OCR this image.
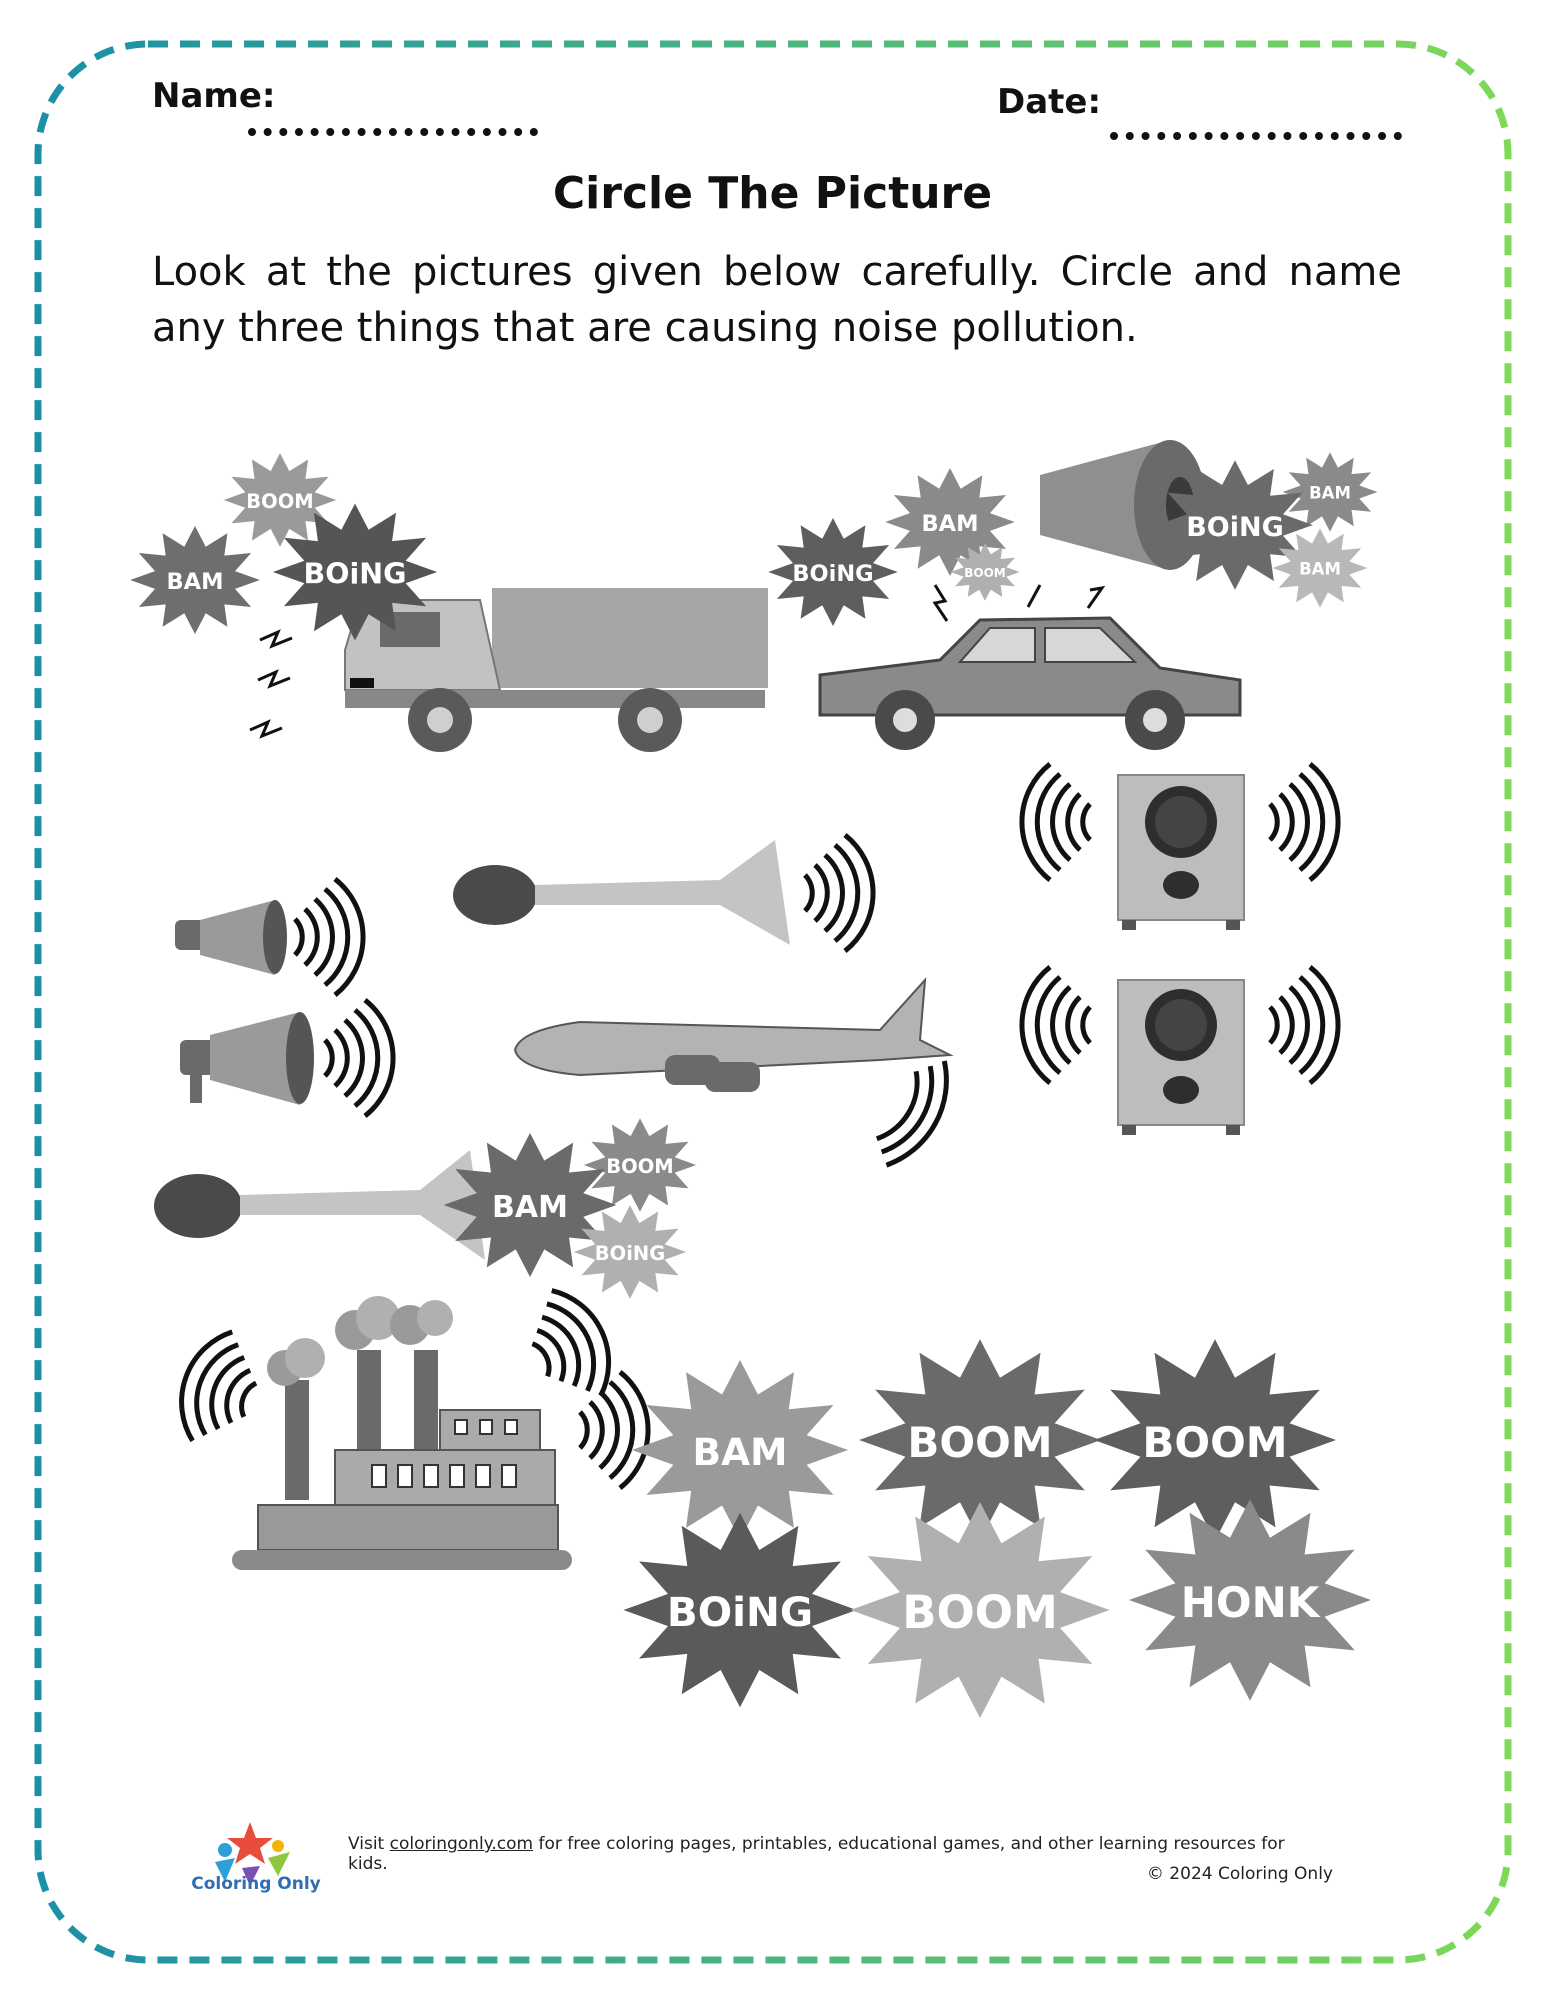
Name:	Date:
Circle The Picture
Look at the pictures given below carefully. Circle and name any three things that are causing noise pollution.
BOOM
BAM	BOiNG
BAM
BOiNG
BAM
BOOM
BOiNG
BAM
BOOM
BAM
BOiNG
BAM	BOOM BOOM
BOiNG BOOM	HONK
Coloring Only
Visit coloringonly.com for free coloring pages, printables, educational games, and other learning resources for kids.	© 2024 Coloring Only
